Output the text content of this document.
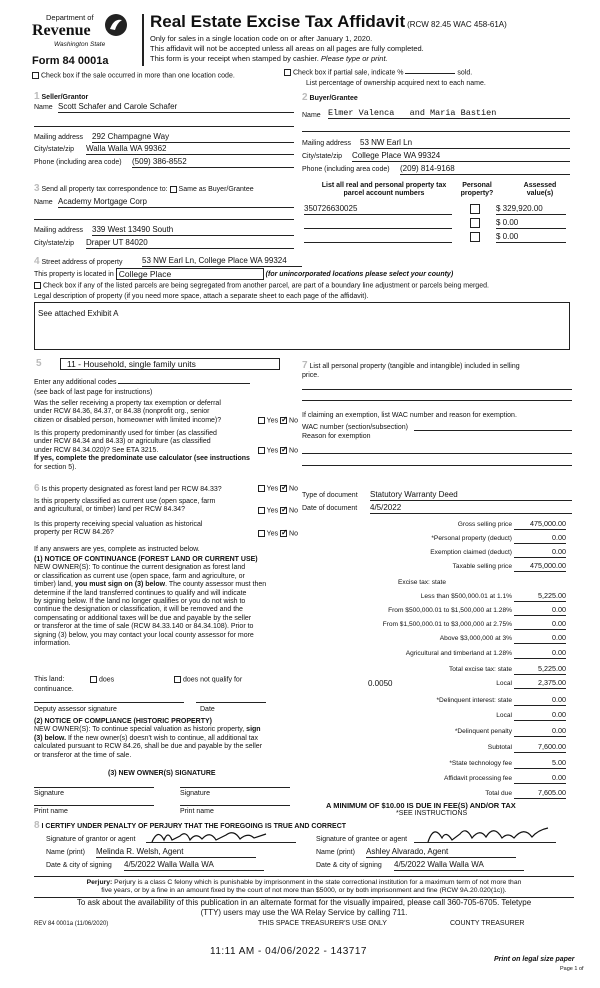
Department of
Revenue
Washington State
Form 84 0001a
Real Estate Excise Tax Affidavit (RCW 82.45 WAC 458-61A)
Only for sales in a single location code on or after January 1, 2020.
This affidavit will not be accepted unless all areas on all pages are fully completed.
This form is your receipt when stamped by cashier. Please type or print.
Check box if the sale occurred in more than one location code.	Check box if partial sale, indicate %	sold.
List percentage of ownership acquired next to each name.
1 Seller/Grantor
Name Scott Schafer and Carole Schafer
Mailing address 292 Champagne Way
City/state/zip Walla Walla WA 99362
Phone (including area code) (509) 386-8552
2 Buyer/Grantee
Name Elmer Valenca   and Maria Bastien
Mailing address 53 NW Earl Ln
City/state/zip College Place WA 99324
Phone (including area code) (209) 814-9168
3 Send all property tax correspondence to: Same as Buyer/Grantee
Name Academy Mortgage Corp
Mailing address 339 West 13490 South
City/state/zip Draper UT 84020
List all real and personal property tax
parcel account numbers
Personal
property?
Assessed
value(s)
350726630025	$ 329,920.00
$ 0.00
$ 0.00
4 Street address of property 53 NW Earl Ln, College Place WA 99324
This property is located in College Place	(for unincorporated locations please select your county)
Check box if any of the listed parcels are being segregated from another parcel, are part of a boundary line adjustment or parcels being merged.
Legal description of property (if you need more space, attach a separate sheet to each page of the affidavit).
See attached Exhibit A
5	11 - Household, single family units
Enter any additional codes
(see back of last page for instructions)
Was the seller receiving a property tax exemption or deferral
under RCW 84.36, 84.37, or 84.38 (nonprofit org., senior
citizen or disabled person, homeowner with limited income)?	Yes ✓ No
Is this property predominantly used for timber (as classified
under RCW 84.34 and 84.33) or agriculture (as classified
under RCW 84.34.020)? See ETA 3215.
If yes, complete the predominate use calculator (see instructions
for section 5).
Yes ✓ No
6 Is this property designated as forest land per RCW 84.33?	Yes ✓ No
Is this property classified as current use (open space, farm
and agricultural, or timber) land per RCW 84.34?	Yes ✓ No
Is this property receiving special valuation as historical
property per RCW 84.26?	Yes ✓ No
If any answers are yes, complete as instructed below.
(1) NOTICE OF CONTINUANCE (FOREST LAND OR CURRENT USE)
NEW OWNER(S): To continue the current designation as forest land
or classification as current use (open space, farm and agriculture, or
timber) land, you must sign on (3) below. The county assessor must then
determine if the land transferred continues to qualify and will indicate
by signing below. If the land no longer qualifies or you do not wish to
continue the designation or classification, it will be removed and the
compensating or additional taxes will be due and payable by the seller
or transferor at the time of sale (RCW 84.33.140 or 84.34.108). Prior to
signing (3) below, you may contact your local county assessor for more
information.
This land:	does	does not qualify for
continuance.
Deputy assessor signature	Date
(2) NOTICE OF COMPLIANCE (HISTORIC PROPERTY)
NEW OWNER(S): To continue special valuation as historic property, sign
(3) below. If the new owner(s) doesn't wish to continue, all additional tax
calculated pursuant to RCW 84.26, shall be due and payable by the seller
or transferor at the time of sale.
(3) NEW OWNER(S) SIGNATURE
Signature	Signature
Print name	Print name
7 List all personal property (tangible and intangible) included in selling
price.
If claiming an exemption, list WAC number and reason for exemption.
WAC number (section/subsection)
Reason for exemption
Type of document Statutory Warranty Deed
Date of document 4/5/2022
Gross selling price	475,000.00
*Personal property (deduct)	0.00
Exemption claimed (deduct)	0.00
Taxable selling price	475,000.00
Excise tax: state
Less than $500,000.01 at 1.1%	5,225.00
From $500,000.01 to $1,500,000 at 1.28%	0.00
From $1,500,000.01 to $3,000,000 at 2.75%	0.00
Above $3,000,000 at 3%	0.00
Agricultural and timberland at 1.28%	0.00
Total excise tax: state	5,225.00
0.0050	Local	2,375.00
*Delinquent interest: state	0.00
Local	0.00
*Delinquent penalty	0.00
Subtotal	7,600.00
*State technology fee	5.00
Affidavit processing fee	0.00
Total due	7,605.00
A MINIMUM OF $10.00 IS DUE IN FEE(S) AND/OR TAX
*SEE INSTRUCTIONS
8 I CERTIFY UNDER PENALTY OF PERJURY THAT THE FOREGOING IS TRUE AND CORRECT
Signature of grantor or agent	Signature of grantee or agent
Name (print) Melinda R. Welsh, Agent	Name (print) Ashley Alvarado, Agent
Date & city of signing 4/5/2022 Walla Walla WA	Date & city of signing 4/5/2022 Walla Walla WA
Perjury: Perjury is a class C felony which is punishable by imprisonment in the state correctional institution for a maximum term of not more than
five years, or by a fine in an amount fixed by the court of not more than $5000, or by both imprisonment and fine (RCW 9A.20.020(1c)).
To ask about the availability of this publication in an alternate format for the visually impaired, please call 360-705-6705. Teletype
(TTY) users may use the WA Relay Service by calling 711.
REV 84 0001a (11/06/2020)	THIS SPACE TREASURER'S USE ONLY	COUNTY TREASURER
11:11 AM - 04/06/2022 - 143717
Print on legal size paper
Page 1 of
